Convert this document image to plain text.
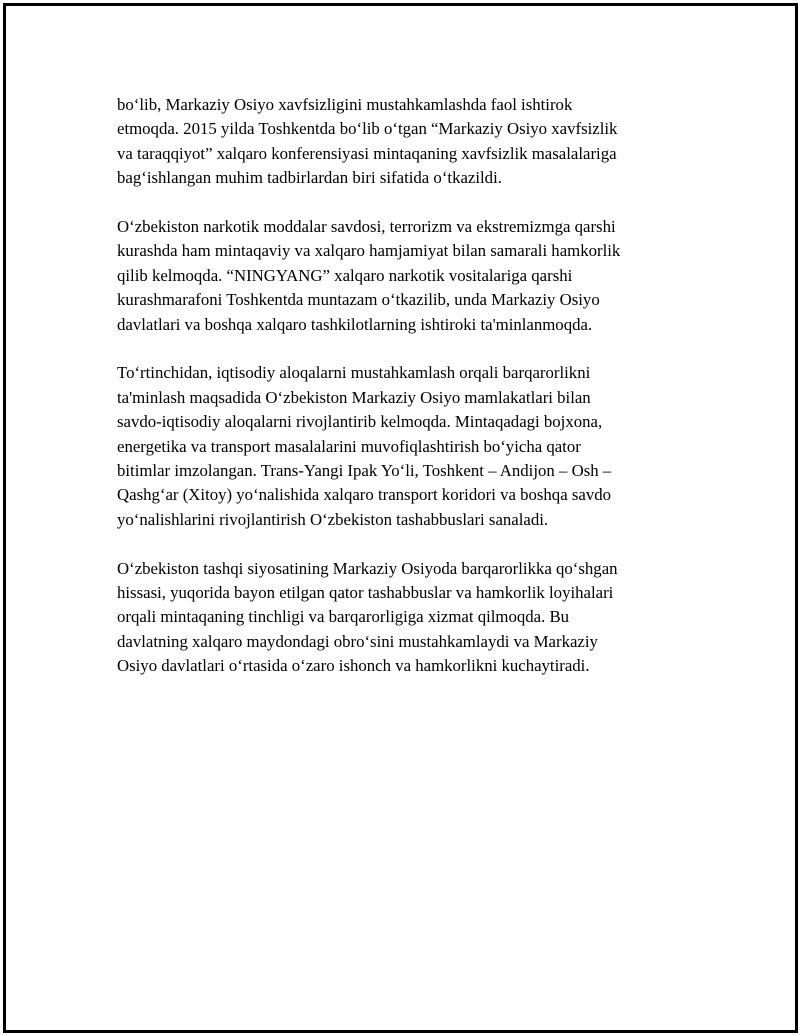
bo‘lib, Markaziy Osiyo xavfsizligini mustahkamlashda faol ishtirok
etmoqda. 2015 yilda Toshkentda bo‘lib o‘tgan “Markaziy Osiyo xavfsizlik
va taraqqiyot” xalqaro konferensiyasi mintaqaning xavfsizlik masalalariga
bag‘ishlangan muhim tadbirlardan biri sifatida o‘tkazildi.

O‘zbekiston narkotik moddalar savdosi, terrorizm va ekstremizmga qarshi
kurashda ham mintaqaviy va xalqaro hamjamiyat bilan samarali hamkorlik
qilib kelmoqda. “NINGYANG” xalqaro narkotik vositalariga qarshi
kurashmarafoni Toshkentda muntazam o‘tkazilib, unda Markaziy Osiyo
davlatlari va boshqa xalqaro tashkilotlarning ishtiroki ta'minlanmoqda.

To‘rtinchidan, iqtisodiy aloqalarni mustahkamlash orqali barqarorlikni
ta'minlash maqsadida O‘zbekiston Markaziy Osiyo mamlakatlari bilan
savdo-iqtisodiy aloqalarni rivojlantirib kelmoqda. Mintaqadagi bojxona,
energetika va transport masalalarini muvofiqlashtirish bo‘yicha qator
bitimlar imzolangan. Trans-Yangi Ipak Yo‘li, Toshkent – Andijon – Osh –
Qashg‘ar (Xitoy) yo‘nalishida xalqaro transport koridori va boshqa savdo
yo‘nalishlarini rivojlantirish O‘zbekiston tashabbuslari sanaladi.

O‘zbekiston tashqi siyosatining Markaziy Osiyoda barqarorlikka qo‘shgan
hissasi, yuqorida bayon etilgan qator tashabbuslar va hamkorlik loyihalari
orqali mintaqaning tinchligi va barqarorligiga xizmat qilmoqda. Bu
davlatning xalqaro maydondagi obro‘sini mustahkamlaydi va Markaziy
Osiyo davlatlari o‘rtasida o‘zaro ishonch va hamkorlikni kuchaytiradi.
